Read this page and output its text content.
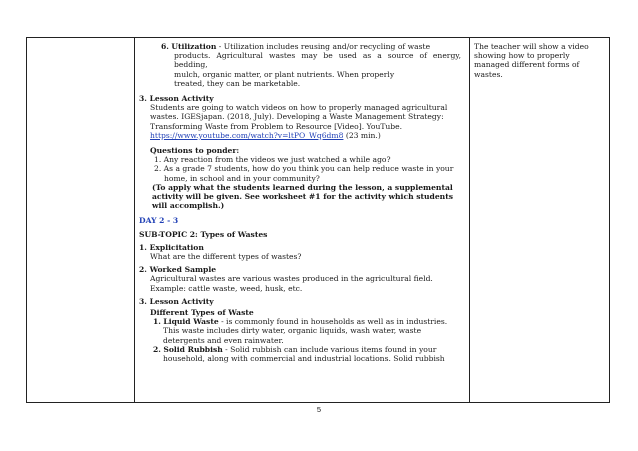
6. Utilization - Utilization includes reusing and/or recycling of waste
products. Agricultural wastes may be used as a source of energy, bedding,
mulch, organic matter, or plant nutrients. When properly
treated, they can be marketable.
3. Lesson Activity
Students are going to watch videos on how to properly managed agricultural
wastes. IGESjapan. (2018, July). Developing a Waste Management Strategy:
Transforming Waste from Problem to Resource [Video]. YouTube.
https://www.youtube.com/watch?v=ltPO_Wq6dm8 (23 min.)
Questions to ponder:
1. Any reaction from the videos we just watched a while ago?
2. As a grade 7 students, how do you think you can help reduce waste in your
home, in school and in your community?
(To apply what the students learned during the lesson, a supplemental
activity will be given. See worksheet #1 for the activity which students
will accomplish.)
DAY 2 - 3
SUB-TOPIC 2: Types of Wastes
1. Explicitation
What are the different types of wastes?
2. Worked Sample
Agricultural wastes are various wastes produced in the agricultural field.
Example: cattle waste, weed, husk, etc.
3. Lesson Activity
Different Types of Waste
1. Liquid Waste - is commonly found in households as well as in industries.
This waste includes dirty water, organic liquids, wash water, waste
detergents and even rainwater.
2. Solid Rubbish - Solid rubbish can include various items found in your
household, along with commercial and industrial locations. Solid rubbish

The teacher will show a video
showing how to properly
managed different forms of
wastes.
5
